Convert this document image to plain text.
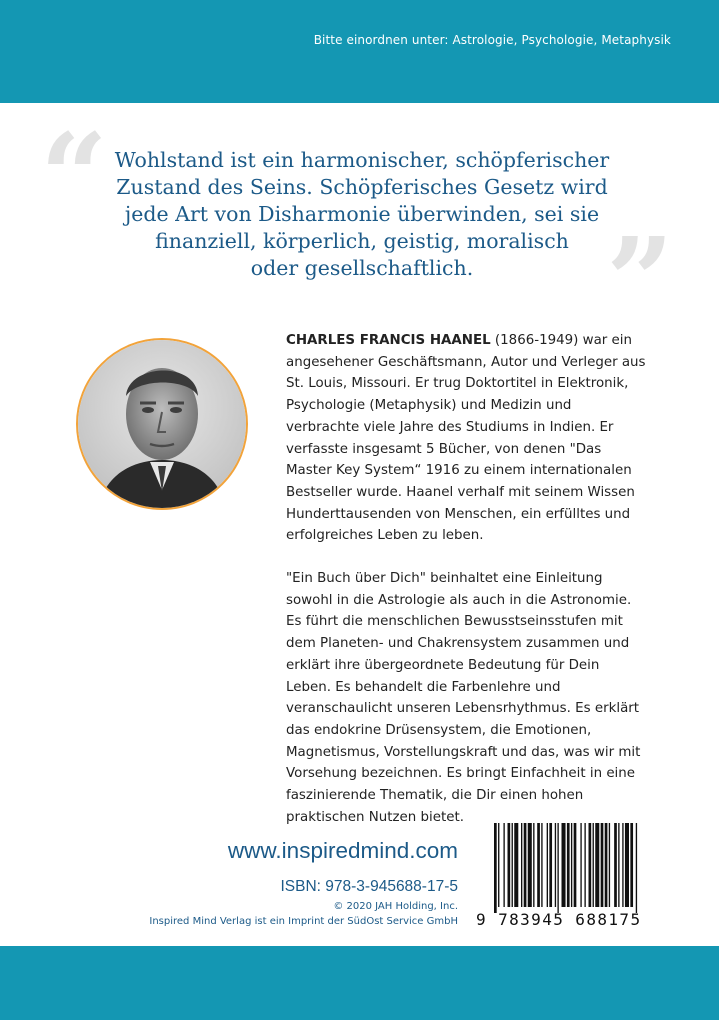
Bitte einordnen unter: Astrologie, Psychologie, Metaphysik
“
”
Wohlstand ist ein harmonischer, schöpferischer
Zustand des Seins. Schöpferisches Gesetz wird
jede Art von Disharmonie überwinden, sei sie
finanziell, körperlich, geistig, moralisch
oder gesellschaftlich.
CHARLES FRANCIS HAANEL (1866-1949) war ein
angesehener Geschäftsmann, Autor und Verleger aus
St. Louis, Missouri. Er trug Doktortitel in Elektronik,
Psychologie (Metaphysik) und Medizin und
verbrachte viele Jahre des Studiums in Indien. Er
verfasste insgesamt 5 Bücher, von denen "Das
Master Key System“ 1916 zu einem internationalen
Bestseller wurde. Haanel verhalf mit seinem Wissen
Hunderttausenden von Menschen, ein erfülltes und
erfolgreiches Leben zu leben.
"Ein Buch über Dich" beinhaltet eine Einleitung
sowohl in die Astrologie als auch in die Astronomie.
Es führt die menschlichen Bewusstseinsstufen mit
dem Planeten- und Chakrensystem zusammen und
erklärt ihre übergeordnete Bedeutung für Dein
Leben. Es behandelt die Farbenlehre und
veranschaulicht unseren Lebensrhythmus. Es erklärt
das endokrine Drüsensystem, die Emotionen,
Magnetismus, Vorstellungskraft und das, was wir mit
Vorsehung bezeichnen. Es bringt Einfachheit in eine
faszinierende Thematik, die Dir einen hohen
praktischen Nutzen bietet.
www.inspiredmind.com
ISBN: 978-3-945688-17-5
© 2020 JAH Holding, Inc.
Inspired Mind Verlag ist ein Imprint der SüdOst Service GmbH 9 783945 688175
